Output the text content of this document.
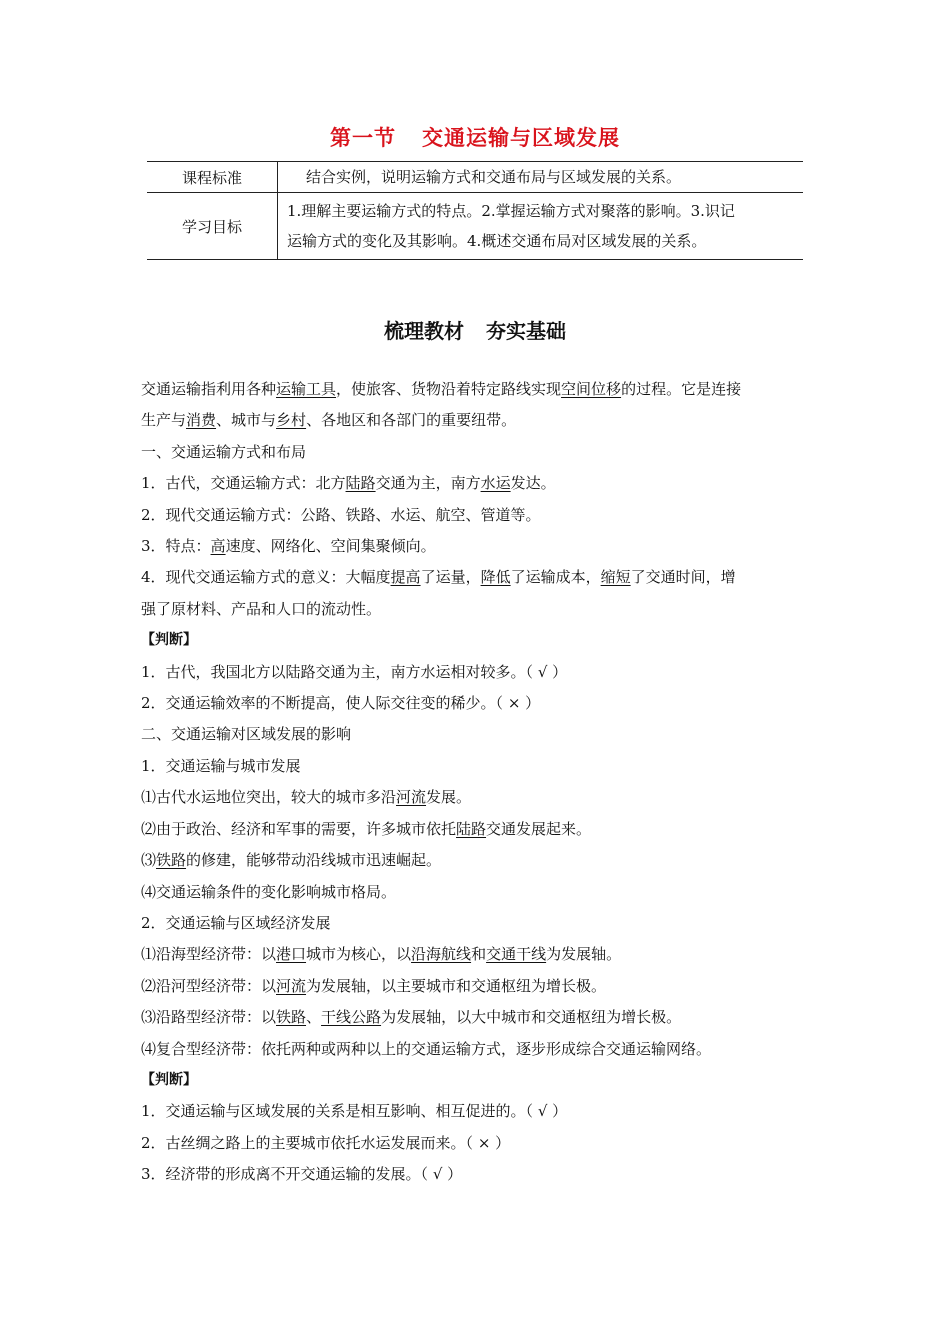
第一节 交通运输与区域发展
课程标准	结合实例，说明运输方式和交通布局与区域发展的关系。
学习目标	1.理解主要运输方式的特点。2.掌握运输方式对聚落的影响。3.识记
运输方式的变化及其影响。4.概述交通布局对区域发展的关系。
梳理教材 夯实基础

交通运输指利用各种运输工具，使旅客、货物沿着特定路线实现空间位移的过程。它是连接
生产与消费、城市与乡村、各地区和各部门的重要纽带。

一、交通运输方式和布局

1．古代，交通运输方式：北方陆路交通为主，南方水运发达。

2．现代交通运输方式：公路、铁路、水运、航空、管道等。

3．特点：高速度、网络化、空间集聚倾向。

4．现代交通运输方式的意义：大幅度提高了运量，降低了运输成本，缩短了交通时间，增
强了原材料、产品和人口的流动性。

【判断】

1．古代，我国北方以陆路交通为主，南方水运相对较多。（ √ ）

2．交通运输效率的不断提高，使人际交往变的稀少。（ × ）

二、交通运输对区域发展的影响

1．交通运输与城市发展

⑴古代水运地位突出，较大的城市多沿河流发展。

⑵由于政治、经济和军事的需要，许多城市依托陆路交通发展起来。

⑶铁路的修建，能够带动沿线城市迅速崛起。

⑷交通运输条件的变化影响城市格局。

2．交通运输与区域经济发展

⑴沿海型经济带：以港口城市为核心，以沿海航线和交通干线为发展轴。

⑵沿河型经济带：以河流为发展轴，以主要城市和交通枢纽为增长极。

⑶沿路型经济带：以铁路、干线公路为发展轴，以大中城市和交通枢纽为增长极。

⑷复合型经济带：依托两种或两种以上的交通运输方式，逐步形成综合交通运输网络。

【判断】

1．交通运输与区域发展的关系是相互影响、相互促进的。（ √ ）

2．古丝绸之路上的主要城市依托水运发展而来。（ × ）

3．经济带的形成离不开交通运输的发展。（ √ ）
